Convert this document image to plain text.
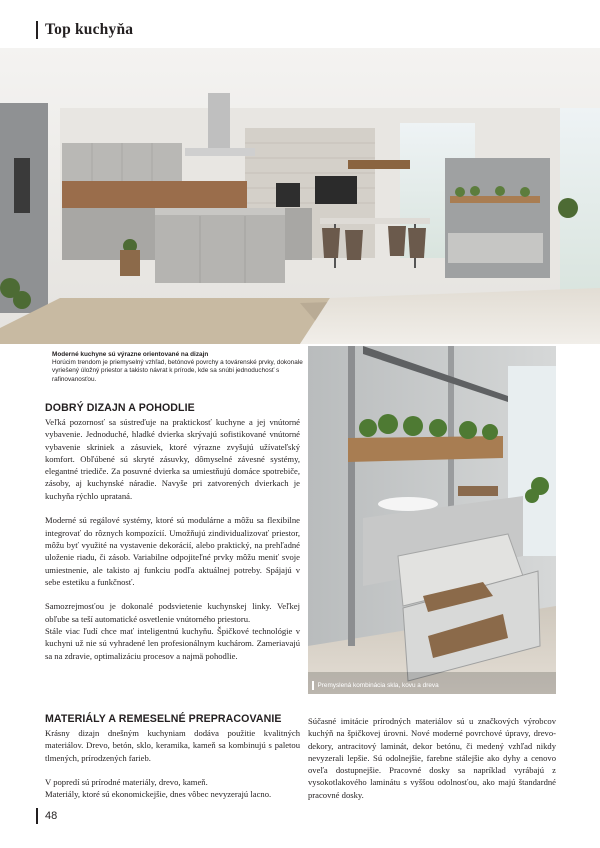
Top kuchyňa
Moderné kuchyne sú výrazne orientované na dizajn
Horúcim trendom je priemyselný vzhľad, betónové povrchy a továrenské prvky, dokonale vyriešený úložný priestor a takisto návrat k prírode, kde sa snúbi jednoduchosť s rafinovanosťou.
DOBRÝ DIZAJN A POHODLIE

Veľká pozornosť sa sústreďuje na praktickosť kuchyne a jej vnútorné vybavenie. Jednoduché, hladké dvierka skrývajú sofistikované vnútorné vybavenie skriniek a zásuviek, ktoré výrazne zvyšujú užívateľský komfort. Obľúbené sú skryté zásuvky, dômyselné závesné systémy, elegantné triediče. Za posuvné dvierka sa umiestňujú domáce spotrebiče, zásoby, aj kuchynské náradie. Navyše pri zatvorených dvierkach je kuchyňa rýchlo uprataná.

Moderné sú regálové systémy, ktoré sú modulárne a môžu sa flexibilne integrovať do rôznych kompozícií. Umožňujú zindividualizovať priestor, môžu byť využité na vystavenie dekorácií, alebo praktický, na prehľadné uloženie riadu, či zásob. Variabilne odpojiteľné prvky môžu meniť svoje umiestnenie, ale takisto aj funkciu podľa aktuálnej potreby. Spájajú v sebe estetiku a funkčnosť.

Samozrejmosťou je dokonalé podsvietenie kuchynskej linky. Veľkej obľube sa teší automatické osvetlenie vnútorného priestoru.

Stále viac ľudí chce mať inteligentnú kuchyňu. Špičkové technológie v kuchyni už nie sú vyhradené len profesionálnym kuchárom. Zameriavajú sa na zdravie, optimalizáciu procesov a najmä pohodlie.

Premyslená kombinácia skla, kovu a dreva
MATERIÁLY A REMESELNÉ PREPRACOVANIE

Krásny dizajn dnešným kuchyniam dodáva použitie kvalitných materiálov. Drevo, betón, sklo, keramika, kameň sa kombinujú s paletou tlmených, prírodzených farieb.

V popredí sú prírodné materiály, drevo, kameň.

Materiály, ktoré sú ekonomickejšie, dnes vôbec nevyzerajú lacno.

Súčasné imitácie prírodných materiálov sú u značkových výrobcov kuchýň na špičkovej úrovni. Nové moderné povrchové úpravy, drevo-dekory, antracitový laminát, dekor betónu, či medený vzhľad nikdy nevyzerali lepšie. Sú odolnejšie, farebne stálejšie ako dyhy a cenovo oveľa dostupnejšie. Pracovné dosky sa napríklad vyrábajú z vysokotlakového laminátu s vyššou odolnosťou, ako majú štandardné pracovné dosky.

48
